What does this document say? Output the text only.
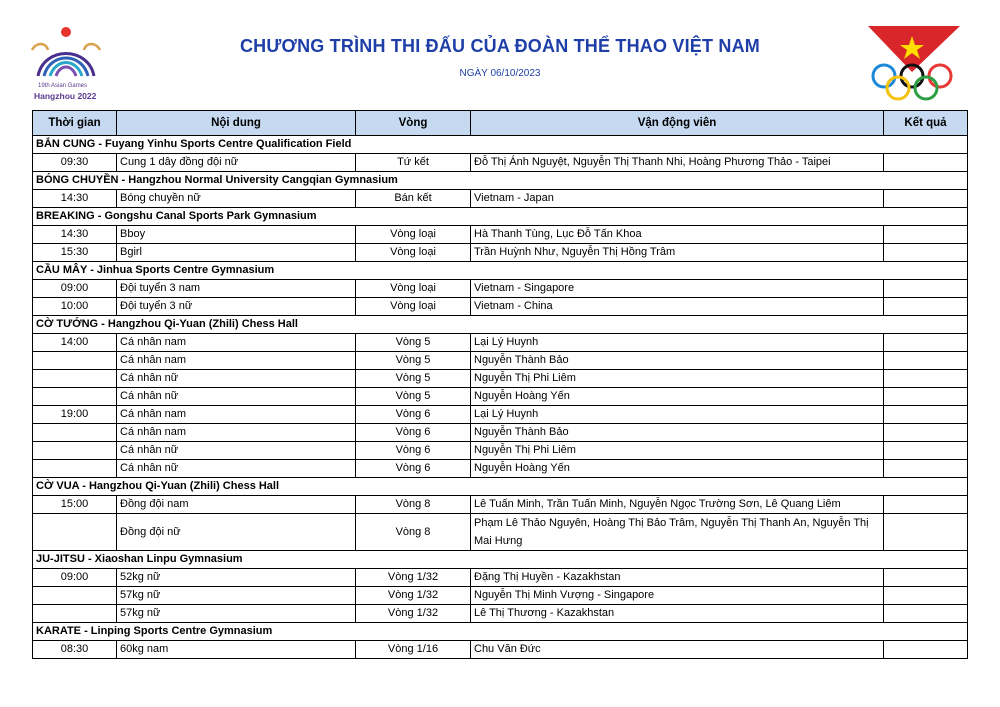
19th Asian Games
Hangzhou 2022
CHƯƠNG TRÌNH THI ĐẤU CỦA ĐOÀN THỂ THAO VIỆT NAM
NGÀY 06/10/2023
Thời gian	Nội dung	Vòng	Vận động viên	Kết quả
BẮN CUNG - Fuyang Yinhu Sports Centre Qualification Field				
09:30	Cung 1 dây đồng đội nữ	Tứ kết	Đỗ Thị Ánh Nguyệt, Nguyễn Thị Thanh Nhi, Hoàng Phương Thảo - Taipei	
BÓNG CHUYỀN - Hangzhou Normal University Cangqian Gymnasium				
14:30	Bóng chuyền nữ	Bán kết	Vietnam - Japan	
BREAKING - Gongshu Canal Sports Park Gymnasium				
14:30	Bboy	Vòng loại	Hà Thanh Tùng, Lục Đỗ Tấn Khoa	
15:30	Bgirl	Vòng loại	Trần Huỳnh Như, Nguyễn Thị Hồng Trâm	
CẦU MÂY - Jinhua Sports Centre Gymnasium				
09:00	Đội tuyển 3 nam	Vòng loại	Vietnam - Singapore	
10:00	Đội tuyển 3 nữ	Vòng loại	Vietnam - China	
CỜ TƯỚNG - Hangzhou Qi-Yuan (Zhili) Chess Hall				
14:00	Cá nhân nam	Vòng 5	Lại Lý Huynh	
	Cá nhân nam	Vòng 5	Nguyễn Thành Bảo	
	Cá nhân nữ	Vòng 5	Nguyễn Thị Phi Liêm	
	Cá nhân nữ	Vòng 5	Nguyễn Hoàng Yến	
19:00	Cá nhân nam	Vòng 6	Lại Lý Huynh	
	Cá nhân nam	Vòng 6	Nguyễn Thành Bảo	
	Cá nhân nữ	Vòng 6	Nguyễn Thị Phi Liêm	
	Cá nhân nữ	Vòng 6	Nguyễn Hoàng Yến	
CỜ VUA - Hangzhou Qi-Yuan (Zhili) Chess Hall				
15:00	Đồng đội nam	Vòng 8	Lê Tuấn Minh, Trần Tuấn Minh, Nguyễn Ngọc Trường Sơn, Lê Quang Liêm	
	Đồng đội nữ	Vòng 8	Phạm Lê Thảo Nguyên, Hoàng Thị Bảo Trâm, Nguyễn Thị Thanh An, Nguyễn Thị Mai Hưng	
JU-JITSU - Xiaoshan Linpu Gymnasium				
09:00	52kg nữ	Vòng 1/32	Đặng Thị Huyền - Kazakhstan	
	57kg nữ	Vòng 1/32	Nguyễn Thị Minh Vượng - Singapore	
	57kg nữ	Vòng 1/32	Lê Thị Thương - Kazakhstan	
KARATE - Linping Sports Centre Gymnasium				
08:30	60kg nam	Vòng 1/16	Chu Văn Đức	
